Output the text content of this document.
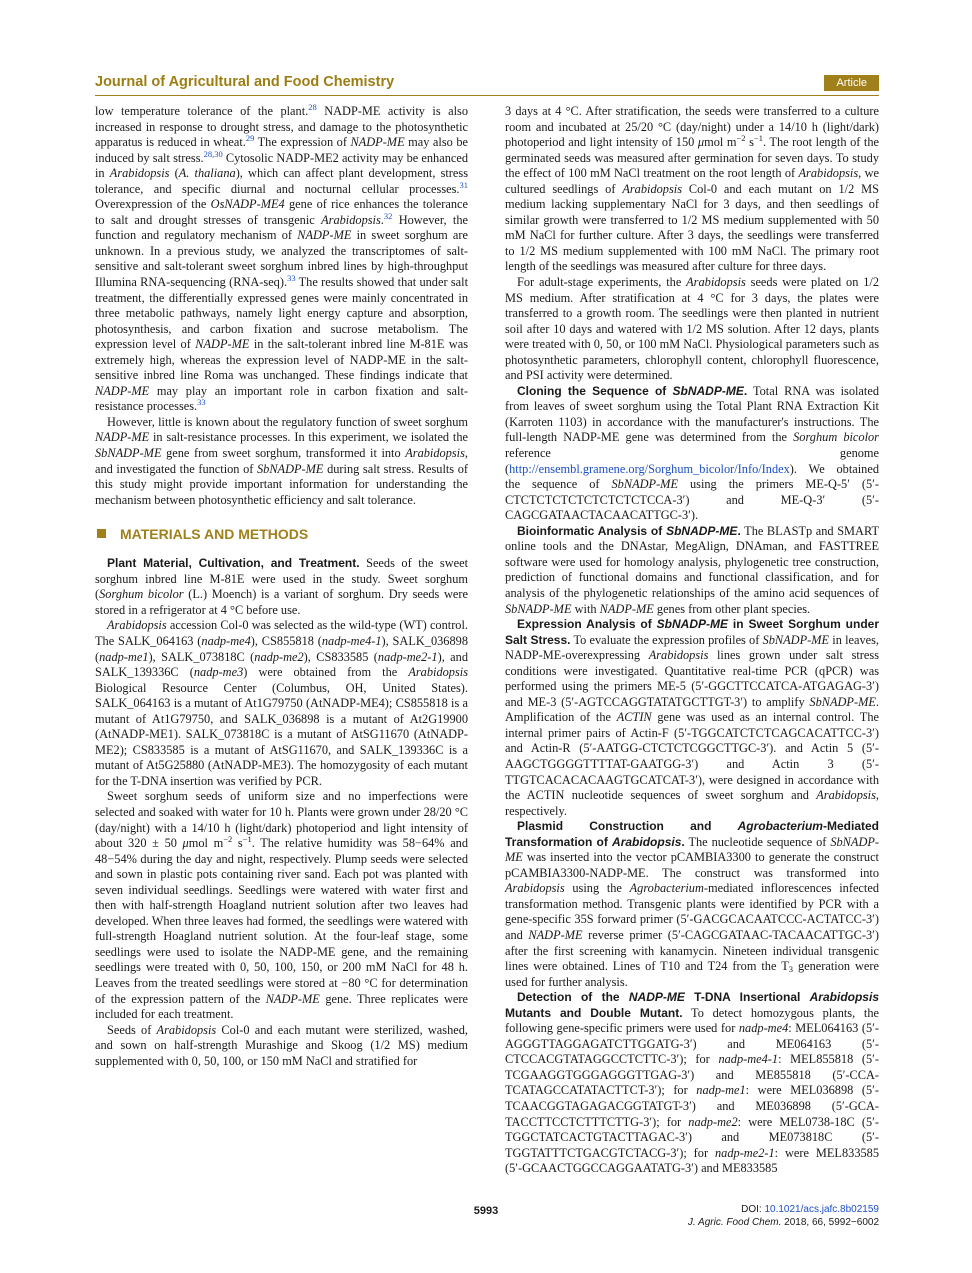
Journal of Agricultural and Food Chemistry	Article

low temperature tolerance of the plant.$^{28}$ NADP-ME activity is also increased in response to drought stress, and damage to the photosynthetic apparatus is reduced in wheat.$^{29}$ The expression of NADP-ME may also be induced by salt stress.$^{28,30}$ Cytosolic NADP-ME2 activity may be enhanced in Arabidopsis (A. thaliana), which can affect plant development, stress tolerance, and specific diurnal and nocturnal cellular processes.$^{31}$ Overexpression of the OsNADP-ME4 gene of rice enhances the tolerance to salt and drought stresses of transgenic Arabidopsis.$^{32}$ However, the function and regulatory mechanism of NADP-ME in sweet sorghum are unknown. In a previous study, we analyzed the transcriptomes of salt-sensitive and salt-tolerant sweet sorghum inbred lines by high-throughput Illumina RNA-sequencing (RNA-seq).$^{33}$ The results showed that under salt treatment, the differentially expressed genes were mainly concentrated in three metabolic pathways, namely light energy capture and absorption, photosynthesis, and carbon fixation and sucrose metabolism. The expression level of NADP-ME in the salt-tolerant inbred line M-81E was extremely high, whereas the expression level of NADP-ME in the salt-sensitive inbred line Roma was unchanged. These findings indicate that NADP-ME may play an important role in carbon fixation and salt-resistance processes.$^{33}$

However, little is known about the regulatory function of sweet sorghum NADP-ME in salt-resistance processes. In this experiment, we isolated the SbNADP-ME gene from sweet sorghum, transformed it into Arabidopsis, and investigated the function of SbNADP-ME during salt stress. Results of this study might provide important information for understanding the mechanism between photosynthetic efficiency and salt tolerance.

MATERIALS AND METHODS

Plant Material, Cultivation, and Treatment. Seeds of the sweet sorghum inbred line M-81E were used in the study. Sweet sorghum (Sorghum bicolor (L.) Moench) is a variant of sorghum. Dry seeds were stored in a refrigerator at 4 °C before use.

Arabidopsis accession Col-0 was selected as the wild-type (WT) control. The SALK_064163 (nadp-me4), CS855818 (nadp-me4-1), SALK_036898 (nadp-me1), SALK_073818C (nadp-me2), CS833585 (nadp-me2-1), and SALK_139336C (nadp-me3) were obtained from the Arabidopsis Biological Resource Center (Columbus, OH, United States). SALK_064163 is a mutant of At1G79750 (AtNADP-ME4); CS855818 is a mutant of At1G79750, and SALK_036898 is a mutant of At2G19900 (AtNADP-ME1). SALK_073818C is a mutant of AtSG11670 (AtNADP-ME2); CS833585 is a mutant of AtSG11670, and SALK_139336C is a mutant of At5G25880 (AtNADP-ME3). The homozygosity of each mutant for the T-DNA insertion was verified by PCR.

Sweet sorghum seeds of uniform size and no imperfections were selected and soaked with water for 10 h. Plants were grown under 28/20 °C (day/night) with a 14/10 h (light/dark) photoperiod and light intensity of about 320 ± 50 μmol $m^{-2}$ $s^{-1}$. The relative humidity was 58−64% and 48−54% during the day and night, respectively. Plump seeds were selected and sown in plastic pots containing river sand. Each pot was planted with seven individual seedlings. Seedlings were watered with water first and then with half-strength Hoagland nutrient solution after two leaves had developed. When three leaves had formed, the seedlings were watered with full-strength Hoagland nutrient solution. At the four-leaf stage, some seedlings were used to isolate the NADP-ME gene, and the remaining seedlings were treated with 0, 50, 100, 150, or 200 mM NaCl for 48 h. Leaves from the treated seedlings were stored at −80 °C for determination of the expression pattern of the NADP-ME gene. Three replicates were included for each treatment.

Seeds of Arabidopsis Col-0 and each mutant were sterilized, washed, and sown on half-strength Murashige and Skoog (1/2 MS) medium supplemented with 0, 50, 100, or 150 mM NaCl and stratified for

3 days at 4 °C. After stratification, the seeds were transferred to a culture room and incubated at 25/20 °C (day/night) under a 14/10 h (light/dark) photoperiod and light intensity of 150 μmol $m^{-2}$ $s^{-1}$. The root length of the germinated seeds was measured after germination for seven days. To study the effect of 100 mM NaCl treatment on the root length of Arabidopsis, we cultured seedlings of Arabidopsis Col-0 and each mutant on 1/2 MS medium lacking supplementary NaCl for 3 days, and then seedlings of similar growth were transferred to 1/2 MS medium supplemented with 50 mM NaCl for further culture. After 3 days, the seedlings were transferred to 1/2 MS medium supplemented with 100 mM NaCl. The primary root length of the seedlings was measured after culture for three days.

For adult-stage experiments, the Arabidopsis seeds were plated on 1/2 MS medium. After stratification at 4 °C for 3 days, the plates were transferred to a growth room. The seedlings were then planted in nutrient soil after 10 days and watered with 1/2 MS solution. After 12 days, plants were treated with 0, 50, or 100 mM NaCl. Physiological parameters such as photosynthetic parameters, chlorophyll content, chlorophyll fluorescence, and PSI activity were determined.

Cloning the Sequence of SbNADP-ME. Total RNA was isolated from leaves of sweet sorghum using the Total Plant RNA Extraction Kit (Karroten 1103) in accordance with the manufacturer's instructions. The full-length NADP-ME gene was determined from the Sorghum bicolor reference genome (http://ensembl.gramene.org/Sorghum_bicolor/Info/Index). We obtained the sequence of SbNADP-ME using the primers ME-Q-5′ (5′-CTCTCTCTCTCTCTCTCTCCA-3′) and ME-Q-3′ (5′-CAGCGATAACTACAACATTGC-3′).

Bioinformatic Analysis of SbNADP-ME. The BLASTp and SMART online tools and the DNAstar, MegAlign, DNAman, and FASTTREE software were used for homology analysis, phylogenetic tree construction, prediction of functional domains and functional classification, and for analysis of the phylogenetic relationships of the amino acid sequences of SbNADP-ME with NADP-ME genes from other plant species.

Expression Analysis of SbNADP-ME in Sweet Sorghum under Salt Stress. To evaluate the expression profiles of SbNADP-ME in leaves, NADP-ME-overexpressing Arabidopsis lines grown under salt stress conditions were investigated. Quantitative real-time PCR (qPCR) was performed using the primers ME-5 (5′-GGCTTCCATCA-ATGAGAG-3′) and ME-3 (5′-AGTCCAGGTATATGCTTGT-3′) to amplify SbNADP-ME. Amplification of the ACTIN gene was used as an internal control. The internal primer pairs of Actin-F (5′-TGGCATCTCTCAGCACATTCC-3′) and Actin-R (5′-AATGG-CTCTCTCGGCTTGC-3′). and Actin 5 (5′-AAGCTGGGGTTTTAT-GAATGG-3′) and Actin 3 (5′-TTGTCACACACAAGTGCATCAT-3′), were designed in accordance with the ACTIN nucleotide sequences of sweet sorghum and Arabidopsis, respectively.

Plasmid Construction and Agrobacterium-Mediated Transformation of Arabidopsis. The nucleotide sequence of SbNADP-ME was inserted into the vector pCAMBIA3300 to generate the construct pCAMBIA3300-NADP-ME. The construct was transformed into Arabidopsis using the Agrobacterium-mediated inflorescences infected transformation method. Transgenic plants were identified by PCR with a gene-specific 35S forward primer (5′-GACGCACAATCCC-ACTATCC-3′) and NADP-ME reverse primer (5′-CAGCGATAAC-TACAACATTGC-3′) after the first screening with kanamycin. Nineteen individual transgenic lines were obtained. Lines of T10 and T24 from the $T_3$ generation were used for further analysis.

Detection of the NADP-ME T-DNA Insertional Arabidopsis Mutants and Double Mutant. To detect homozygous plants, the following gene-specific primers were used for nadp-me4: MEL064163 (5′-AGGGTTAGGAGATCTTGGATG-3′) and ME064163 (5′-CTCCACGTATAGGCCTCTTC-3′); for nadp-me4-1: MEL855818 (5′-TCGAAGGTGGGAGGGTTGAG-3′) and ME855818 (5′-CCA-TCATAGCCATATACTTCT-3′); for nadp-me1: were MEL036898 (5′-TCAACGGTAGAGACGGTATGT-3′) and ME036898 (5′-GCA-TACCTTCCTCTTTCTTG-3′); for nadp-me2: were MEL0738-18C (5′-TGGCTATCACTGTACTTAGAC-3′) and ME073818C (5′-TGGTATTTCTGACGTCTACG-3′); for nadp-me2-1: were MEL833585 (5′-GCAACTGGCCAGGAATATG-3′) and ME833585

5993	DOI: 10.1021/acs.jafc.8b02159
J. Agric. Food Chem. 2018, 66, 5992−6002
